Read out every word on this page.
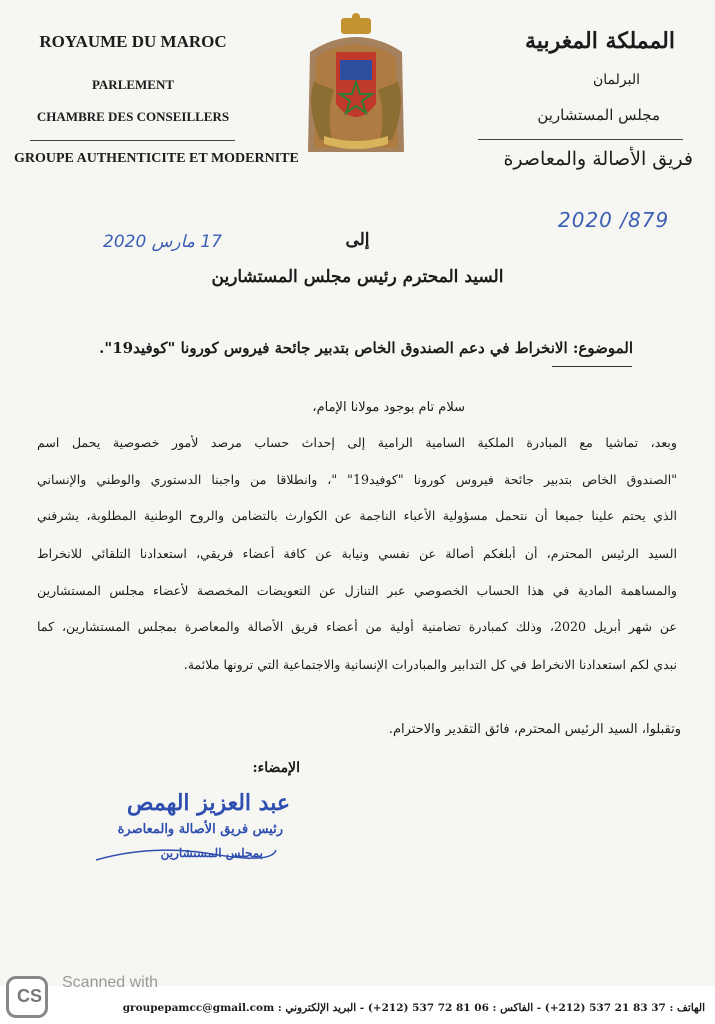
ROYAUME DU MAROC
PARLEMENT
CHAMBRE DES CONSEILLERS
GROUPE AUTHENTICITE ET MODERNITE
المملكة المغربية
البرلمان
مجلس المستشارين
فريق الأصالة والمعاصرة
2020 /879
17 مارس 2020	إلى
السيد المحترم رئيس مجلس المستشارين
الموضوع: الانخراط في دعم الصندوق الخاص بتدبير جائحة فيروس كورونا "كوفيد19".
سلام تام بوجود مولانا الإمام،
وبعد، تماشيا مع المبادرة الملكية السامية الرامية إلى إحداث حساب مرصد لأمور خصوصية يحمل اسم
"الصندوق الخاص بتدبير جائحة فيروس كورونا "كوفيد19" "، وانطلاقا من واجبنا الدستوري والوطني والإنساني
الذي يحتم علينا جميعا أن نتحمل مسؤولية الأعباء الناجمة عن الكوارث بالتضامن والروح الوطنية المطلوبة، يشرفني
السيد الرئيس المحترم، أن أبلغكم أصالة عن نفسي ونيابة عن كافة أعضاء فريقي، استعدادنا التلقائي للانخراط
والمساهمة المادية في هذا الحساب الخصوصي عبر التنازل عن التعويضات المخصصة لأعضاء مجلس المستشارين
عن شهر أبريل 2020، وذلك كمبادرة تضامنية أولية من أعضاء فريق الأصالة والمعاصرة بمجلس المستشارين، كما
نبدي لكم استعدادنا الانخراط في كل التدابير والمبادرات الإنسانية والاجتماعية التي ترونها ملائمة.
وتقبلوا، السيد الرئيس المحترم، فائق التقدير والاحترام.
الإمضاء:
عبد العزيز الهمص
رئيس فريق الأصالة والمعاصرة
بمجلس المستشارين
الهاتف : 37 83 21 537 (212+) - الفاكس : 06 81 72 537 (212+) - البريد الإلكتروني : groupepamcc@gmail.com
CS
Scanned with
